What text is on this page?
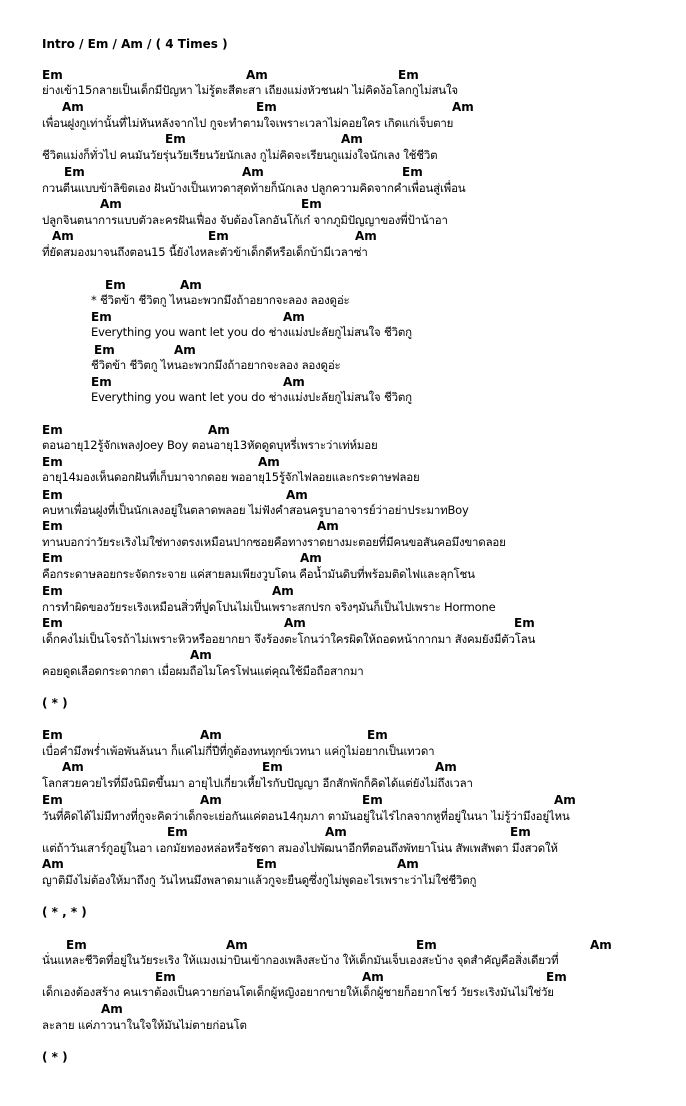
Intro / Em / Am / ( 4 Times )
Em	Am	Em
ย่างเข้า15กลายเป็นเด็กมีปัญหา ไม่รู้ตะสีตะสา เถียงแม่งหัวชนฝา ไม่คิดง้อโลกกูไม่สนใจ
Am	Em	Am
เพื่อนฝูงกูเท่านั้นที่ไม่หันหลังจากไป กูจะทำตามใจเพราะเวลาไม่คอยใคร เกิดแก่เจ็บตาย
Em	Am
ชีวิตแม่งก็ทั่วไป คนมันวัยรุ่นวัยเรียนวัยนักเลง กูไม่คิดจะเรียนกูแม่งใจนักเลง ใช้ชีวิต
Em	Am	Em
กวนตีนแบบข้าลิขิตเอง ฝันบ้างเป็นเทวดาสุดท้ายก็นักเลง ปลูกความคิดจากคำเพื่อนสู่เพื่อน
Am	Em
ปลูกจินตนาการแบบตัวละครฝันเฟื่อง จับต้องโลกอันโก้เก๋ จากภูมิปัญญาของพี่ป้าน้าอา
Am	Em	Am
ที่ยัดสมองมาจนถึงตอน15 นี้ยังไงหละตัวข้าเด็กดีหรือเด็กบ้ามีเวลาซ่า
Em	Am
* ชีวิตข้า ชีวิตกู ไหนอะพวกมึงถ้าอยากจะลอง ลองดูอ่ะ
Em	Am
Everything you want let you do ช่างแม่งปะลัยกูไม่สนใจ ชีวิตกู
Em	Am
ชีวิตข้า ชีวิตกู ไหนอะพวกมึงถ้าอยากจะลอง ลองดูอ่ะ
Em	Am
Everything you want let you do ช่างแม่งปะลัยกูไม่สนใจ ชีวิตกู
Em	Am
ตอนอายุ12รู้จักเพลงJoey Boy ตอนอายุ13หัดดูดบุหรี่เพราะว่าเท่ห์มอย
Em	Am
อายุ14มองเห็นดอกฝันที่เก็บมาจากดอย พออายุ15รู้จักไฟลอยและกระดาษฟลอย
Em	Am
คบหาเพื่อนฝูงที่เป็นนักเลงอยู่ในตลาดพลอย ไม่ฟังคำสอนครูบาอาจารย์ว่าอย่าประมาทBoy
Em	Am
ทานบอกว่าวัยระเริงไม่ใช่ทางตรงเหมือนปากซอยคือทางราดยางมะตอยที่มีคนขอสันคอมึงขาดลอย
Em	Am
คือกระดาษลอยกระจัดกระจาย แค่สายลมเพียงวูบโดน คือน้ำมันดิบที่พร้อมติดไฟและลุกโชน
Em	Am
การทำผิดของวัยระเริงเหมือนสิ่วที่ปูดโปนไม่เป็นเพราะสกปรก จริงๆมันก็เป็นไปเพราะ Hormone
Em	Am	Em
เด็กคงไม่เป็นโจรถ้าไม่เพราะหิวหรืออยากยา จึงร้องตะโกนว่าใครผิดให้ถอดหน้ากากมา สังคมยังมีตัวโลน
Am
คอยดูดเลือดกระดากตา เมื่อผมถือไมโครโฟนแต่คุณใช้มือถือสากมา
( * )
Em	Am	Em
เบื่อคำมึงพร่ำเพ้อพันล้นนา ก็แค่ไม่กี่ปีที่กูต้องทนทุกข์เวทนา แค่กูไม่อยากเป็นเทวดา
Am	Em	Am
โลกสวยควยไรที่มึงนิมิตขึ้นมา อายุไปเกี่ยวเหี้ยไรกับปัญญา อีกสักพักก็คิดได้แต่ยังไม่ถึงเวลา
Em	Am	Em	Am
วันที่คิดได้ไม่มีทางที่กูจะคิดว่าเด็กจะเย่อกันแค่ตอน14กุมภา ตามันอยู่ในไร่ไกลจากหูที่อยู่ในนา ไม่รู้ว่ามึงอยู่ไหน
Em	Am	Em
แต่ถ้าวันเสาร์กูอยู่ในอา เอกมัยทองหล่อหรือรัชดา สมองไปพัฒนาอีกทีตอนถึงพัทยาโน่น สัพเพสัพตา มึงสวดให้
Am	Em	Am
ญาติมึงไม่ต้องให้มาถึงกู วันไหนมึงพลาดมาแล้วกูจะยืนดูซึ่งกูไม่พูดอะไรเพราะว่าไม่ใช่ชีวิตกู
( * , * )
Em	Am	Em	Am
นั่นแหละชีวิตที่อยู่ในวัยระเริง ให้แมงเม่าบินเข้ากองเพลิงสะบ้าง ให้เด็กมันเจ็บเองสะบ้าง จุดสำคัญคือสิ่งเดียวที่
Em	Am	Em
เด็กเองต้องสร้าง คนเราต้องเป็นควายก่อนโตเด็กผู้หญิงอยากขายให้เด็กผู้ชายก็อยากโชว์ วัยระเริงมันไม่ใช่วัย
Am
ละลาย แค่ภาวนาในใจให้มันไม่ตายก่อนโต
( * )
